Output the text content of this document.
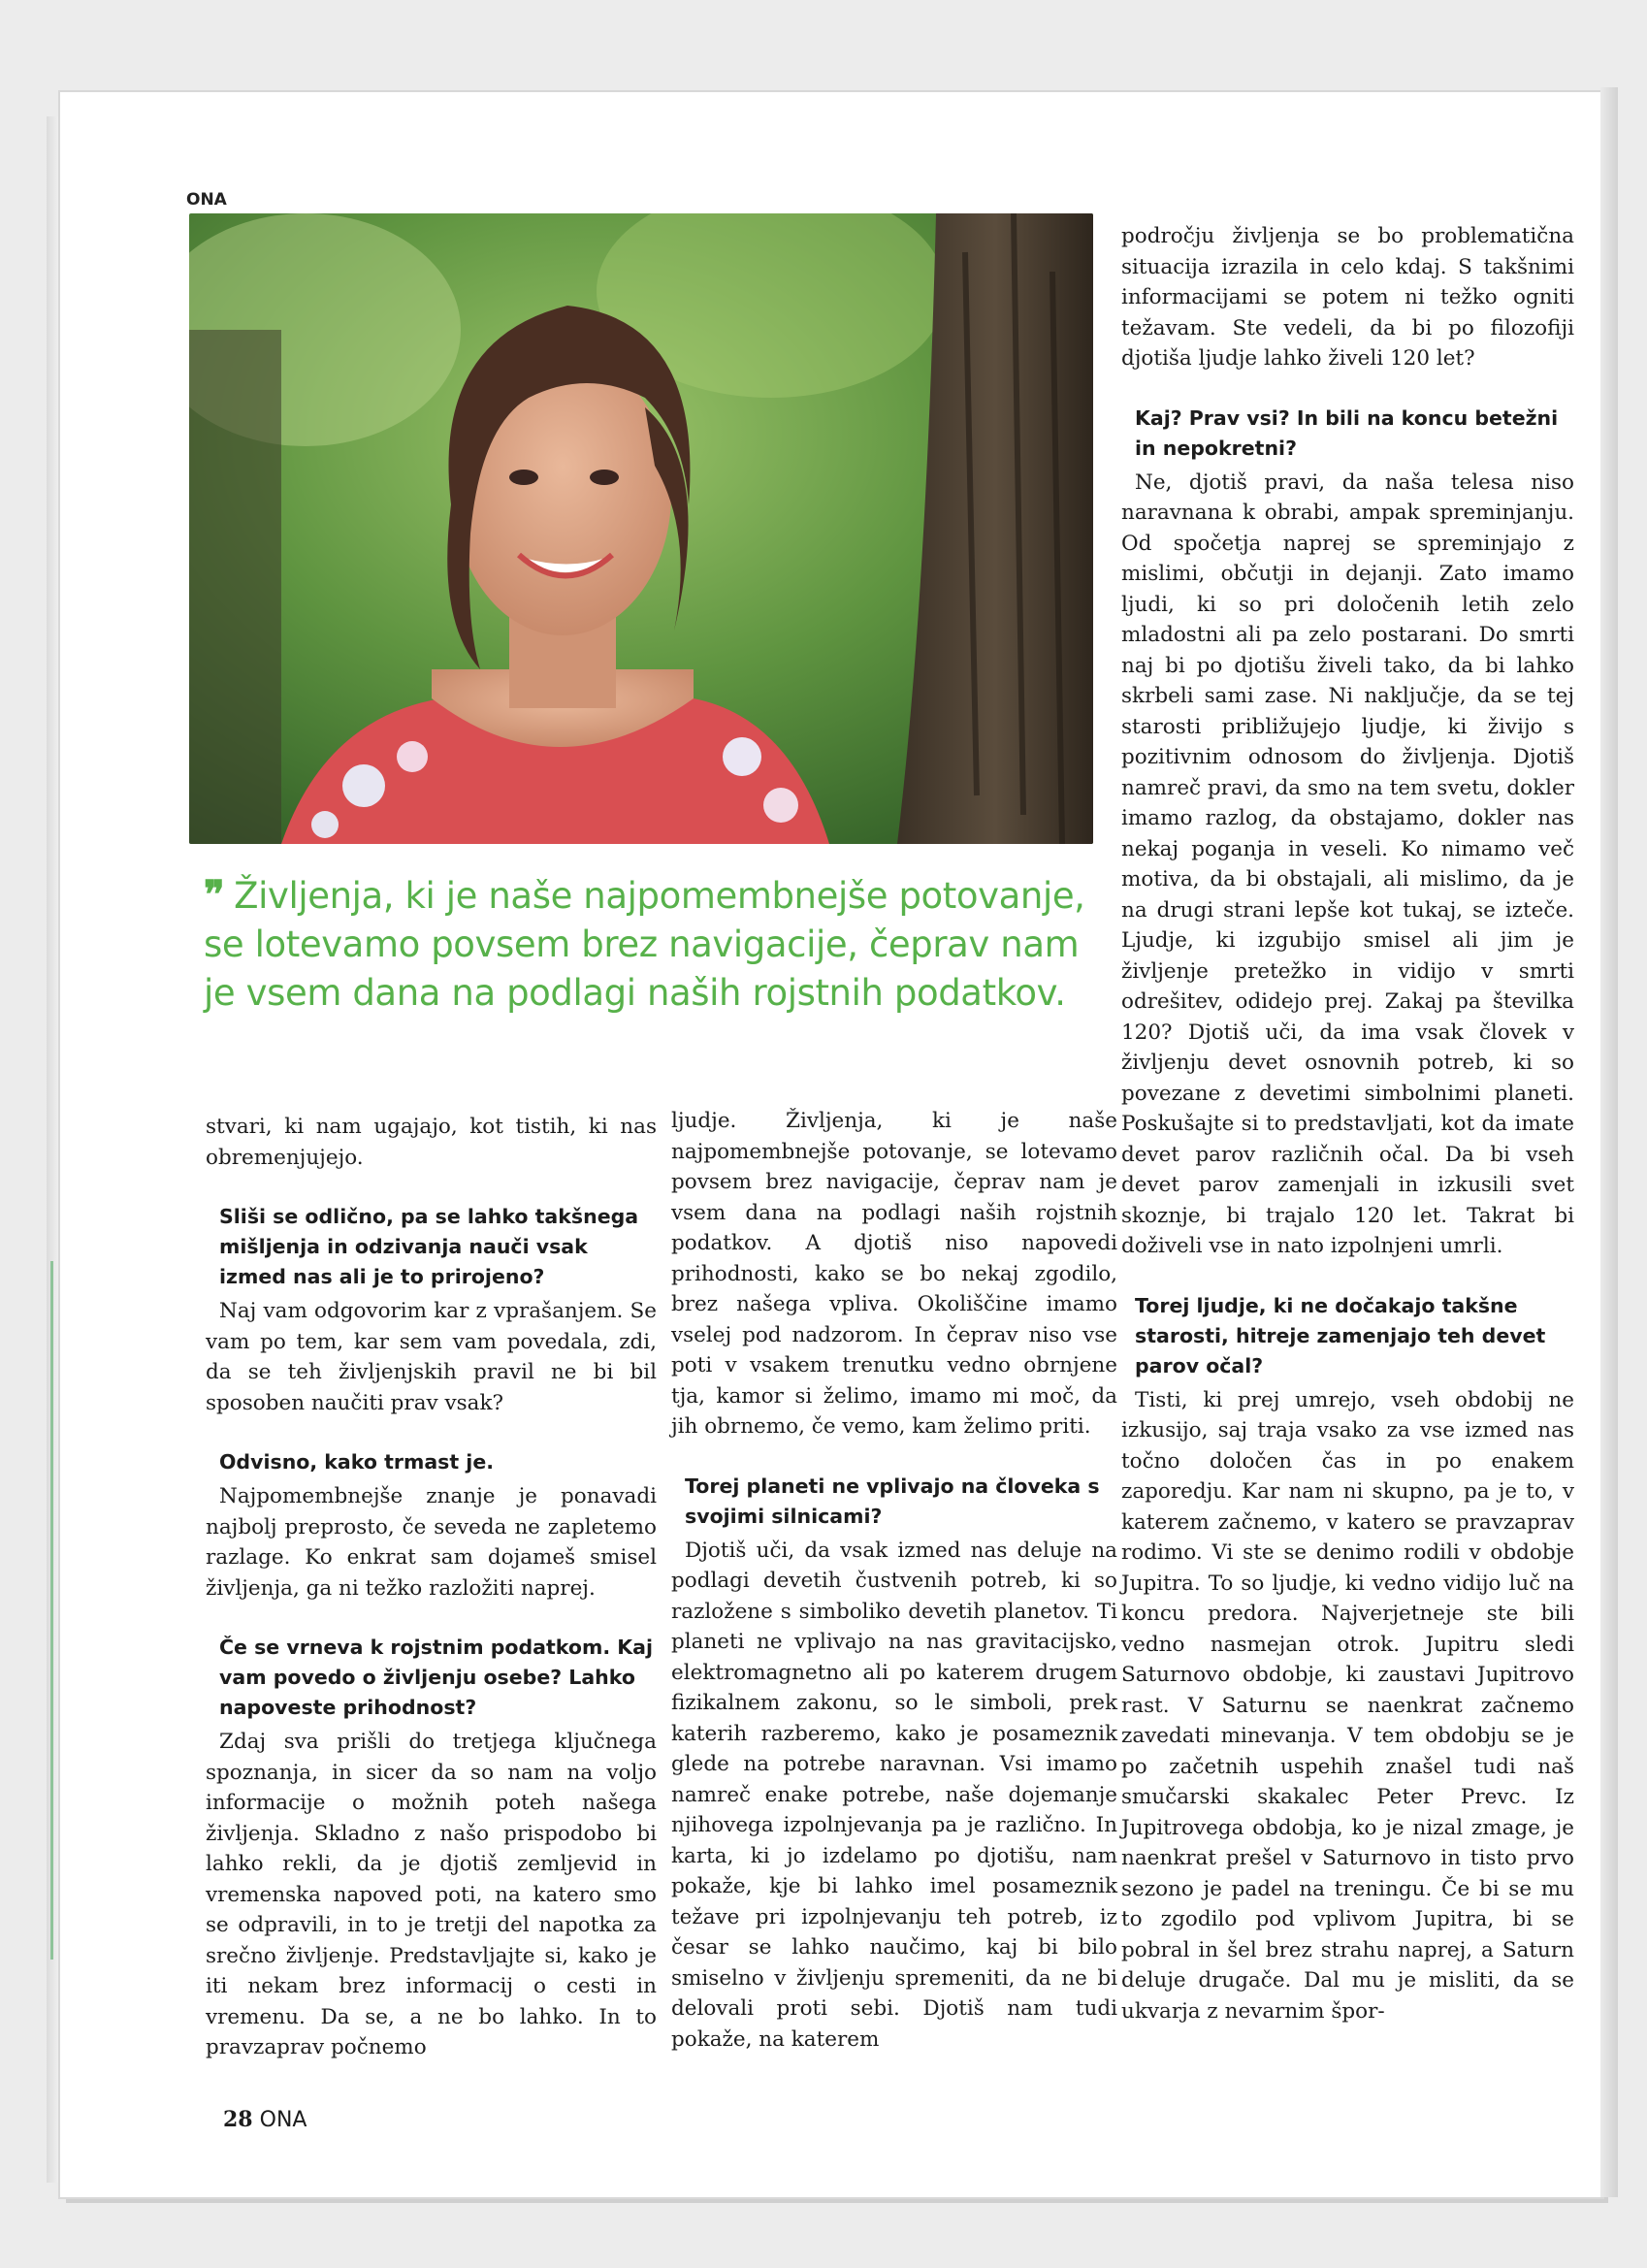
ONA
❞ Življenja, ki je naše najpomembnejše potovanje, se lotevamo povsem brez navigacije, čeprav nam je vsem dana na podlagi naših rojstnih podatkov.

stvari, ki nam ugajajo, kot tistih, ki nas obremenjujejo.

Sliši se odlično, pa se lahko takšnega mišljenja in odzivanja nauči vsak izmed nas ali je to prirojeno?

Naj vam odgovorim kar z vprašanjem. Se vam po tem, kar sem vam povedala, zdi, da se teh življenjskih pravil ne bi bil sposoben naučiti prav vsak?

Odvisno, kako trmast je.

Najpomembnejše znanje je ponavadi najbolj preprosto, če seveda ne zapletemo razlage. Ko enkrat sam dojameš smisel življenja, ga ni težko razložiti naprej.

Če se vrneva k rojstnim podatkom. Kaj vam povedo o življenju osebe? Lahko napoveste prihodnost?

Zdaj sva prišli do tretjega ključnega spoznanja, in sicer da so nam na voljo informacije o možnih poteh našega življenja. Skladno z našo prispodobo bi lahko rekli, da je djotiš zemljevid in vremenska napoved poti, na katero smo se odpravili, in to je tretji del napotka za srečno življenje. Predstavljajte si, kako je iti nekam brez informacij o cesti in vremenu. Da se, a ne bo lahko. In to pravzaprav počnemo

ljudje. Življenja, ki je naše najpomembnejše potovanje, se lotevamo povsem brez navigacije, čeprav nam je vsem dana na podlagi naših rojstnih podatkov. A djotiš niso napovedi prihodnosti, kako se bo nekaj zgodilo, brez našega vpliva. Okoliščine imamo vselej pod nadzorom. In čeprav niso vse poti v vsakem trenutku vedno obrnjene tja, kamor si želimo, imamo mi moč, da jih obrnemo, če vemo, kam želimo priti.

Torej planeti ne vplivajo na človeka s svojimi silnicami?

Djotiš uči, da vsak izmed nas deluje na podlagi devetih čustvenih potreb, ki so razložene s simboliko devetih planetov. Ti planeti ne vplivajo na nas gravitacijsko, elektromagnetno ali po katerem drugem fizikalnem zakonu, so le simboli, prek katerih razberemo, kako je posameznik glede na potrebe naravnan. Vsi imamo namreč enake potrebe, naše dojemanje njihovega izpolnjevanja pa je različno. In karta, ki jo izdelamo po djotišu, nam pokaže, kje bi lahko imel posameznik težave pri izpolnjevanju teh potreb, iz česar se lahko naučimo, kaj bi bilo smiselno v življenju spremeniti, da ne bi delovali proti sebi. Djotiš nam tudi pokaže, na katerem

področju življenja se bo problematična situacija izrazila in celo kdaj. S takšnimi informacijami se potem ni težko ogniti težavam. Ste vedeli, da bi po filozofiji djotiša ljudje lahko živeli 120 let?

Kaj? Prav vsi? In bili na koncu betežni in nepokretni?

Ne, djotiš pravi, da naša telesa niso naravnana k obrabi, ampak spreminjanju. Od spočetja naprej se spreminjajo z mislimi, občutji in dejanji. Zato imamo ljudi, ki so pri določenih letih zelo mladostni ali pa zelo postarani. Do smrti naj bi po djotišu živeli tako, da bi lahko skrbeli sami zase. Ni naključje, da se tej starosti približujejo ljudje, ki živijo s pozitivnim odnosom do življenja. Djotiš namreč pravi, da smo na tem svetu, dokler imamo razlog, da obstajamo, dokler nas nekaj poganja in veseli. Ko nimamo več motiva, da bi obstajali, ali mislimo, da je na drugi strani lepše kot tukaj, se izteče. Ljudje, ki izgubijo smisel ali jim je življenje pretežko in vidijo v smrti odrešitev, odidejo prej. Zakaj pa številka 120? Djotiš uči, da ima vsak človek v življenju devet osnovnih potreb, ki so povezane z devetimi simbolnimi planeti. Poskušajte si to predstavljati, kot da imate devet parov različnih očal. Da bi vseh devet parov zamenjali in izkusili svet skoznje, bi trajalo 120 let. Takrat bi doživeli vse in nato izpolnjeni umrli.

Torej ljudje, ki ne dočakajo takšne starosti, hitreje zamenjajo teh devet parov očal?

Tisti, ki prej umrejo, vseh obdobij ne izkusijo, saj traja vsako za vse izmed nas točno določen čas in po enakem zaporedju. Kar nam ni skupno, pa je to, v katerem začnemo, v katero se pravzaprav rodimo. Vi ste se denimo rodili v obdobje Jupitra. To so ljudje, ki vedno vidijo luč na koncu predora. Najverjetneje ste bili vedno nasmejan otrok. Jupitru sledi Saturnovo obdobje, ki zaustavi Jupitrovo rast. V Saturnu se naenkrat začnemo zavedati minevanja. V tem obdobju se je po začetnih uspehih znašel tudi naš smučarski skakalec Peter Prevc. Iz Jupitrovega obdobja, ko je nizal zmage, je naenkrat prešel v Saturnovo in tisto prvo sezono je padel na treningu. Če bi se mu to zgodilo pod vplivom Jupitra, bi se pobral in šel brez strahu naprej, a Saturn deluje drugače. Dal mu je misliti, da se ukvarja z nevarnim špor-

28 ONA
